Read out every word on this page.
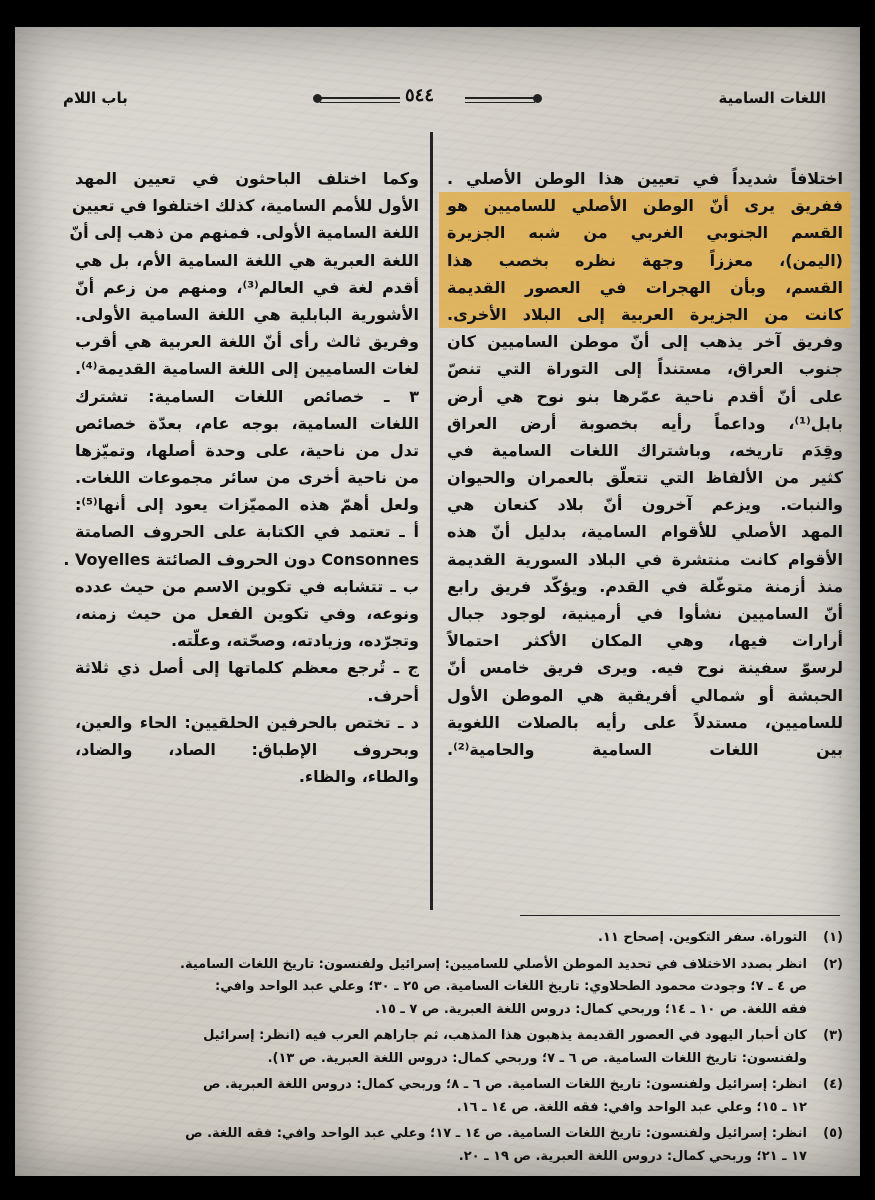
اللغات السامية
٥٤٤
باب اللام
اختلافاً شديداً في تعيين هذا الوطن الأصلي .
ففريق يرى أنّ الوطن الأصلي للساميين هو
القسم الجنوبي الغربي من شبه الجزيرة
(اليمن)، معززاً وجهة نظره بخصب هذا
القسم، وبأن الهجرات في العصور القديمة
كانت من الجزيرة العربية إلى البلاد الأخرى.
وفريق آخر يذهب إلى أنّ موطن الساميين كان
جنوب العراق، مستنداً إلى التوراة التي تنصّ
على أنّ أقدم ناحية عمّرها بنو نوح هي أرض
بابل⁽¹⁾، وداعماً رأيه بخصوبة أرض العراق
وقِدَم تاريخه، وباشتراك اللغات السامية في
كثير من الألفاظ التي تتعلّق بالعمران والحيوان
والنبات. ويزعم آخرون أنّ بلاد كنعان هي
المهد الأصلي للأقوام السامية، بدليل أنّ هذه
الأقوام كانت منتشرة في البلاد السورية القديمة
منذ أزمنة متوغّلة في القدم. ويؤكّد فريق رابع
أنّ الساميين نشأوا في أرمينية، لوجود جبال
أرارات فيها، وهي المكان الأكثر احتمالاً
لرسوّ سفينة نوح فيه. ويرى فريق خامس أنّ
الحبشة أو شمالي أفريقية هي الموطن الأول
للساميين، مستدلاً على رأيه بالصلات اللغوية
بين اللغات السامية والحامية⁽²⁾.
وكما اختلف الباحثون في تعيين المهد
الأول للأمم السامية، كذلك اختلفوا في تعيين
اللغة السامية الأولى. فمنهم من ذهب إلى أنّ
اللغة العبرية هي اللغة السامية الأم، بل هي
أقدم لغة في العالم⁽³⁾، ومنهم من زعم أنّ
الأشورية البابلية هي اللغة السامية الأولى.
وفريق ثالث رأى أنّ اللغة العربية هي أقرب
لغات الساميين إلى اللغة السامية القديمة⁽⁴⁾.
٣ ـ خصائص اللغات السامية: تشترك
اللغات السامية، بوجه عام، بعدّة خصائص
تدل من ناحية، على وحدة أصلها، وتميّزها
من ناحية أخرى من سائر مجموعات اللغات.
ولعل أهمّ هذه المميّزات يعود إلى أنها⁽⁵⁾:
أ ـ تعتمد في الكتابة على الحروف الصامتة
Consonnes دون الحروف الصائتة Voyelles .
ب ـ تتشابه في تكوين الاسم من حيث عدده
ونوعه، وفي تكوين الفعل من حيث زمنه،
وتجرّده، وزيادته، وصحّته، وعلّته.
ج ـ تُرجع معظم كلماتها إلى أصل ذي ثلاثة
أحرف.
د ـ تختص بالحرفين الحلقيين: الحاء والعين،
وبحروف الإطباق: الصاد، والضاد،
والطاء، والظاء.
(١)
التوراة. سفر التكوين. إصحاح ١١.
(٢)
انظر بصدد الاختلاف في تحديد الموطن الأصلي للساميين: إسرائيل ولفنسون: تاريخ اللغات السامية.
ص ٤ ـ ٧؛ وجودت محمود الطحلاوي: تاريخ اللغات السامية. ص ٢٥ ـ ٣٠؛ وعلي عبد الواحد وافي:
فقه اللغة. ص ١٠ ـ ١٤؛ وربحي كمال: دروس اللغة العبرية. ص ٧ ـ ١٥.
(٣)
كان أحبار اليهود في العصور القديمة يذهبون هذا المذهب، ثم جاراهم العرب فيه (انظر: إسرائيل
ولفنسون: تاريخ اللغات السامية. ص ٦ ـ ٧؛ وربحي كمال: دروس اللغة العبرية. ص ١٣).
(٤)
انظر: إسرائيل ولفنسون: تاريخ اللغات السامية. ص ٦ ـ ٨؛ وربحي كمال: دروس اللغة العبرية. ص
١٢ ـ ١٥؛ وعلي عبد الواحد وافي: فقه اللغة. ص ١٤ ـ ١٦.
(٥)
انظر: إسرائيل ولفنسون: تاريخ اللغات السامية. ص ١٤ ـ ١٧؛ وعلي عبد الواحد وافي: فقه اللغة. ص
١٧ ـ ٢١؛ وربحي كمال: دروس اللغة العبرية. ص ١٩ ـ ٢٠.
